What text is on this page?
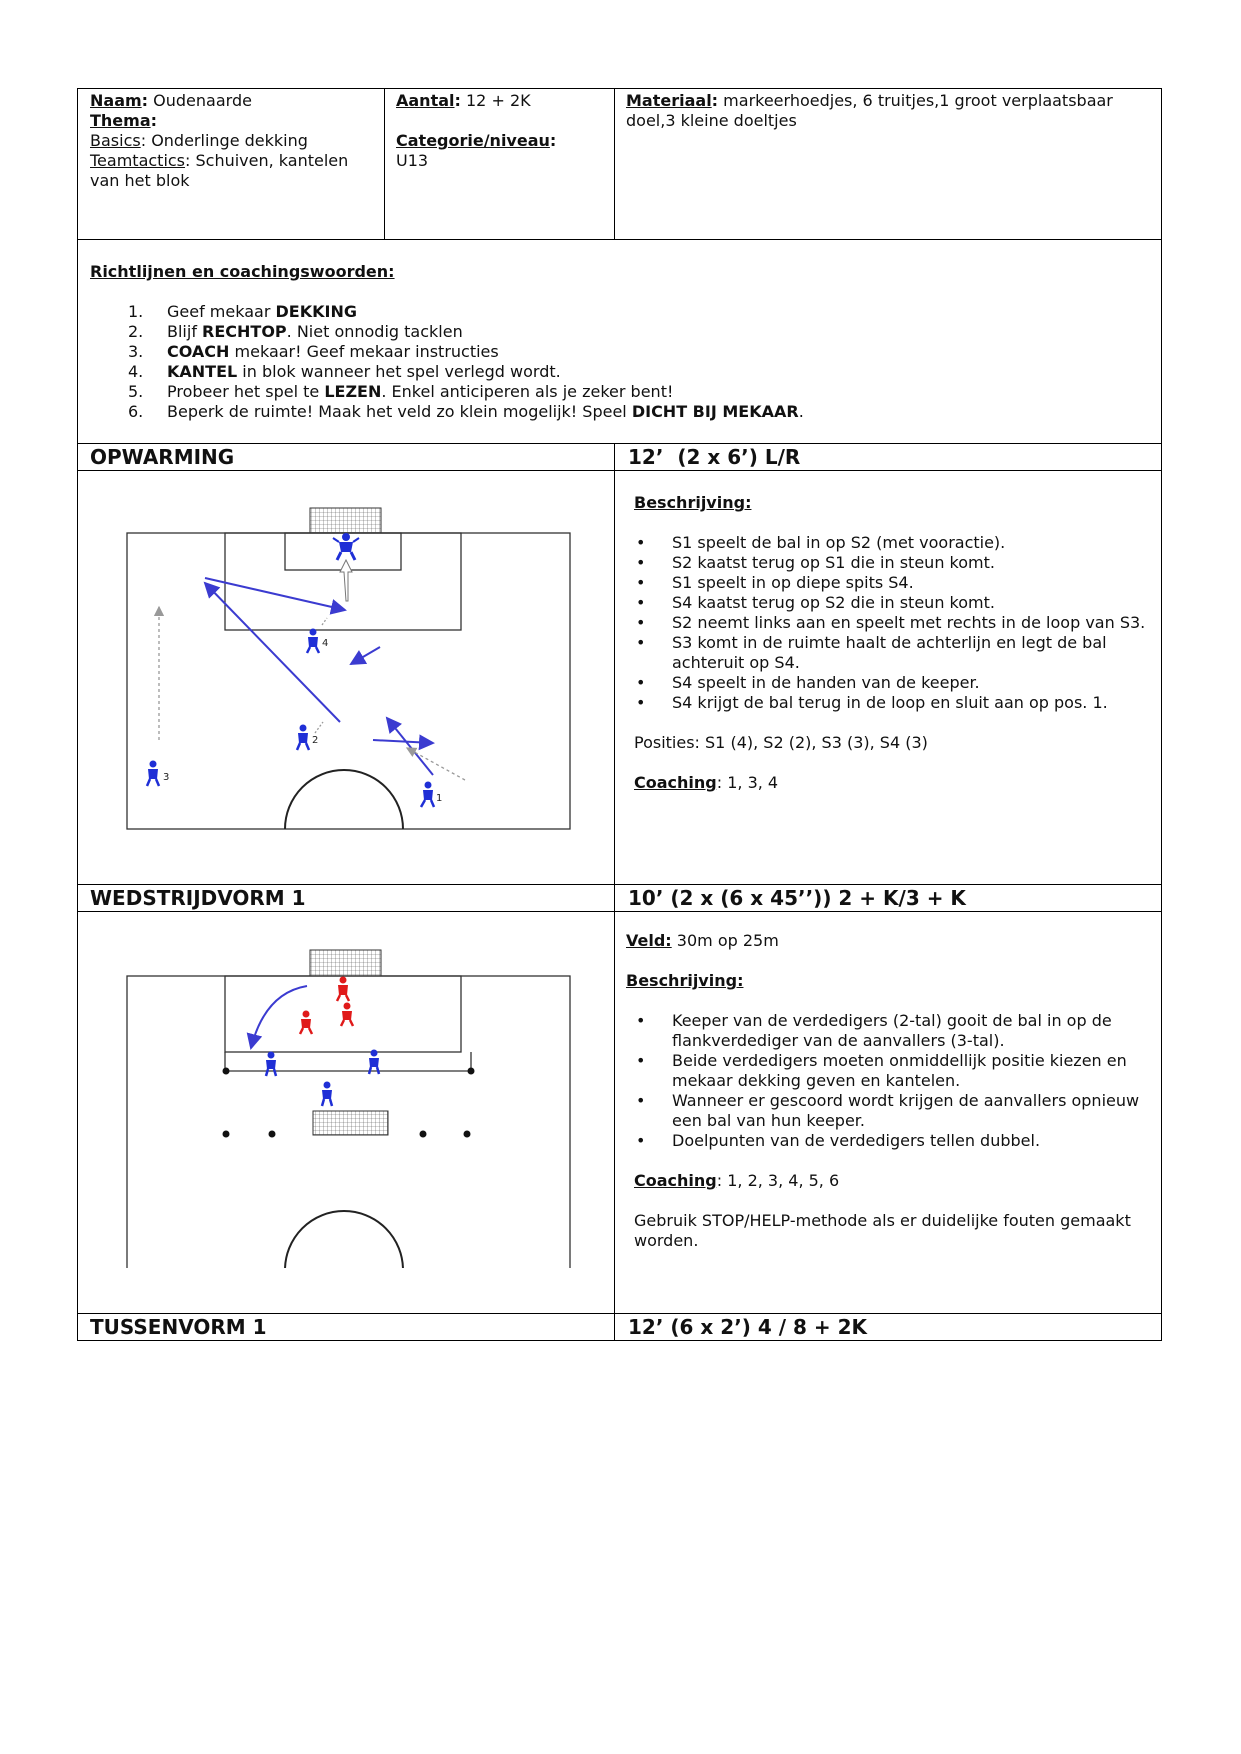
Naam: Oudenaarde
Thema:
Basics: Onderlinge dekking
Teamtactics: Schuiven, kantelen van het blok
Aantal: 12 + 2K
Categorie/niveau:
U13
Materiaal: markeerhoedjes, 6 truitjes,1 groot verplaatsbaar doel,3 kleine doeltjes
Richtlijnen en coachingswoorden:
1.	Geef mekaar DEKKING
2.	Blijf RECHTOP. Niet onnodig tacklen
3.	COACH mekaar! Geef mekaar instructies
4.	KANTEL in blok wanneer het spel verlegd wordt.
5.	Probeer het spel te LEZEN. Enkel anticiperen als je zeker bent!
6.	Beperk de ruimte! Maak het veld zo klein mogelijk! Speel DICHT BIJ MEKAAR.
OPWARMING	12’  (2 x 6’) L/R
4
2
3
1
Beschrijving:
• S1 speelt de bal in op S2 (met vooractie).
• S2 kaatst terug op S1 die in steun komt.
• S1 speelt in op diepe spits S4.
• S4 kaatst terug op S2 die in steun komt.
• S2 neemt links aan en speelt met rechts in de loop van S3.
• S3 komt in de ruimte haalt de achterlijn en legt de bal achteruit op S4.
• S4 speelt in de handen van de keeper.
• S4 krijgt de bal terug in de loop en sluit aan op pos. 1.
Posities: S1 (4), S2 (2), S3 (3), S4 (3)
Coaching: 1, 3, 4
WEDSTRIJDVORM 1	10’ (2 x (6 x 45’’)) 2 + K/3 + K
Veld: 30m op 25m
Beschrijving:
• Keeper van de verdedigers (2-tal) gooit de bal in op de flankverdediger van de aanvallers (3-tal).
• Beide verdedigers moeten onmiddellijk positie kiezen en mekaar dekking geven en kantelen.
• Wanneer er gescoord wordt krijgen de aanvallers opnieuw een bal van hun keeper.
• Doelpunten van de verdedigers tellen dubbel.
Coaching: 1, 2, 3, 4, 5, 6
Gebruik STOP/HELP-methode als er duidelijke fouten gemaakt worden.
TUSSENVORM 1	12’ (6 x 2’) 4 / 8 + 2K
